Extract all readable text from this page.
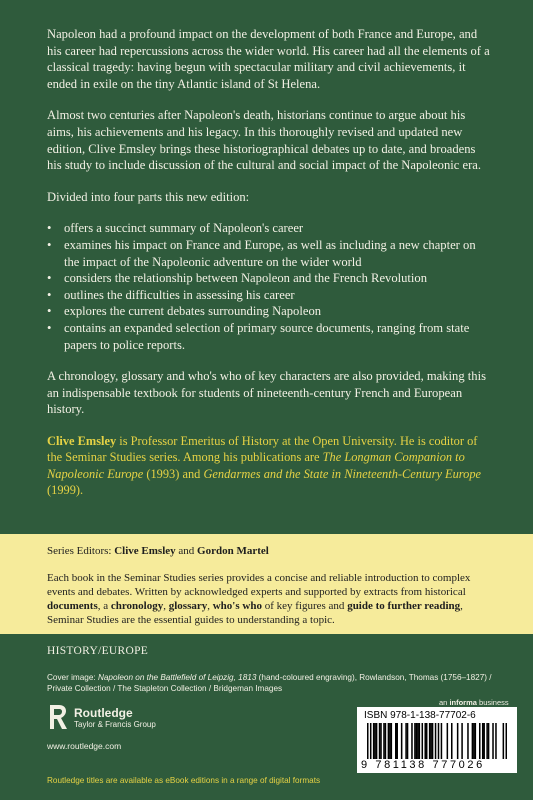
Napoleon had a profound impact on the development of both France and Europe, and his career had repercussions across the wider world. His career had all the elements of a classical tragedy: having begun with spectacular military and civil achievements, it ended in exile on the tiny Atlantic island of St Helena.

Almost two centuries after Napoleon's death, historians continue to argue about his aims, his achievements and his legacy. In this thoroughly revised and updated new edition, Clive Emsley brings these historiographical debates up to date, and broadens his study to include discussion of the cultural and social impact of the Napoleonic era.

Divided into four parts this new edition:

• offers a succinct summary of Napoleon's career
• examines his impact on France and Europe, as well as including a new chapter on the impact of the Napoleonic adventure on the wider world
• considers the relationship between Napoleon and the French Revolution
• outlines the difficulties in assessing his career
• explores the current debates surrounding Napoleon
• contains an expanded selection of primary source documents, ranging from state papers to police reports.

A chronology, glossary and who's who of key characters are also provided, making this an indispensable textbook for students of nineteenth-century French and European history.

Clive Emsley is Professor Emeritus of History at the Open University. He is coditor of the Seminar Studies series. Among his publications are The Longman Companion to Napoleonic Europe (1993) and Gendarmes and the State in Nineteenth-Century Europe (1999).

Series Editors: Clive Emsley and Gordon Martel

Each book in the Seminar Studies series provides a concise and reliable introduction to complex events and debates. Written by acknowledged experts and supported by extracts from historical documents, a chronology, glossary, who's who of key figures and guide to further reading, Seminar Studies are the essential guides to understanding a topic.

HISTORY/EUROPE
Cover image: Napoleon on the Battlefield of Leipzig, 1813 (hand-coloured engraving), Rowlandson, Thomas (1756–1827) / Private Collection / The Stapleton Collection / Bridgeman Images
Routledge
Taylor & Francis Group
www.routledge.com
an informa business
ISBN 978-1-138-77702-6
9 781138 777026
Routledge titles are available as eBook editions in a range of digital formats
